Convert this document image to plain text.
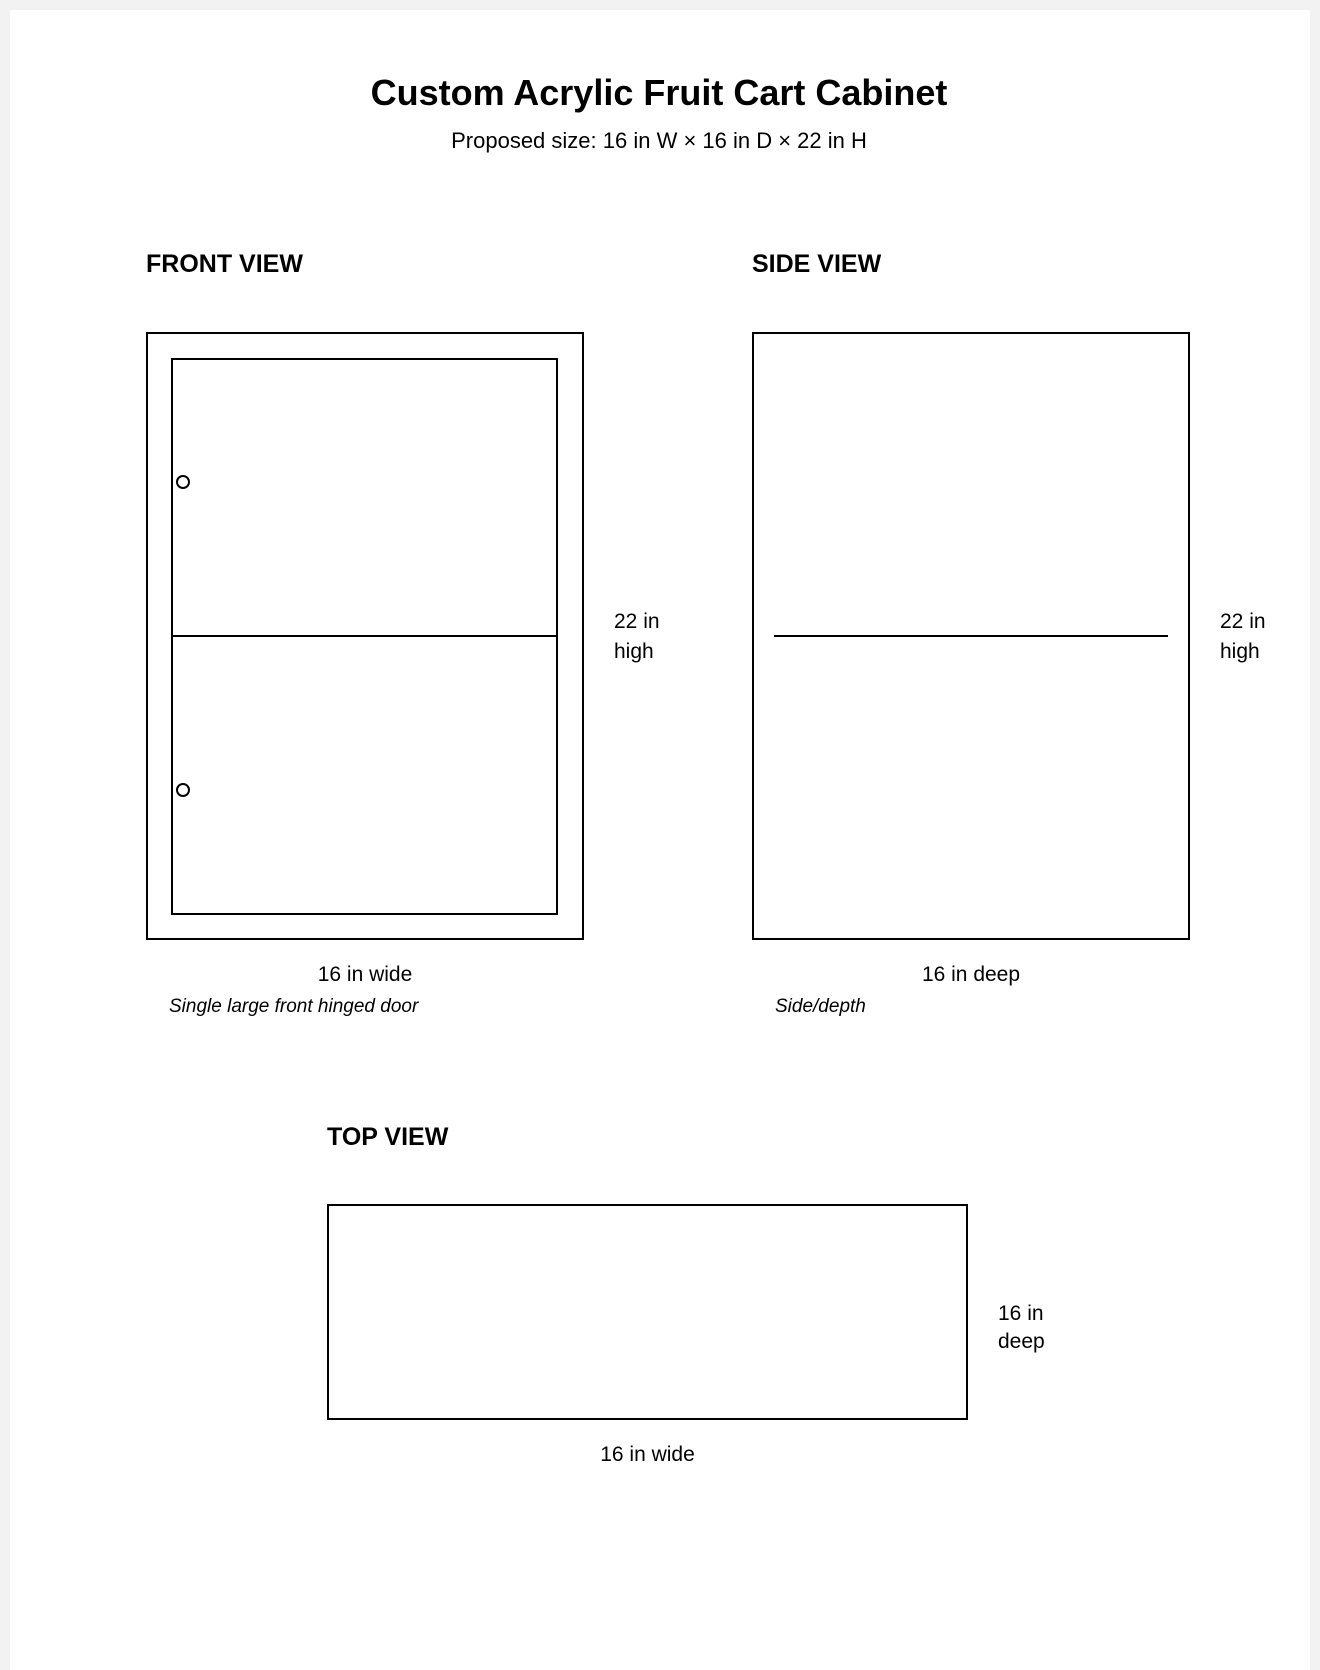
Custom Acrylic Fruit Cart Cabinet
Proposed size: 16 in W × 16 in D × 22 in H
FRONT VIEW
22 in
high
16 in wide
Single large front hinged door
SIDE VIEW
22 in
high
16 in deep
Side/depth
TOP VIEW
16 in
deep
16 in wide
